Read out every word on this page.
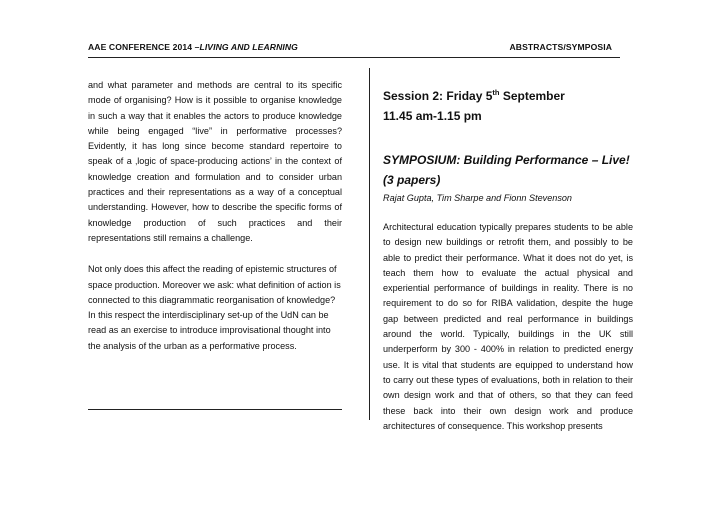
AAE CONFERENCE 2014 –LIVING AND LEARNING	ABSTRACTS/SYMPOSIA

and what parameter and methods are central to its specific mode of organising? How is it possible to organise knowledge in such a way that it enables the actors to produce knowledge while being engaged “live” in performative processes? Evidently, it has long since become standard repertoire to speak of a ‚logic of space-producing actions’ in the context of knowledge creation and formulation and to consider urban practices and their representations as a way of a conceptual understanding. However, how to describe the specific forms of knowledge production of such practices and their representations still remains a challenge.

Not only does this affect the reading of epistemic structures of space production. Moreover we ask: what definition of action is connected to this diagrammatic reorganisation of knowledge? In this respect the interdisciplinary set-up of the UdN can be read as an exercise to introduce improvisational thought into the analysis of the urban as a performative process.

Session 2: Friday 5th September
11.45 am-1.15 pm
SYMPOSIUM: Building Performance – Live! (3 papers)
Rajat Gupta, Tim Sharpe and Fionn Stevenson

Architectural education typically prepares students to be able to design new buildings or retrofit them, and possibly to be able to predict their performance. What it does not do yet, is teach them how to evaluate the actual physical and experiential performance of buildings in reality. There is no requirement to do so for RIBA validation, despite the huge gap between predicted and real performance in buildings around the world. Typically, buildings in the UK still underperform by 300 - 400% in relation to predicted energy use. It is vital that students are equipped to understand how to carry out these types of evaluations, both in relation to their own design work and that of others, so that they can feed these back into their own design work and produce architectures of consequence. This workshop presents
